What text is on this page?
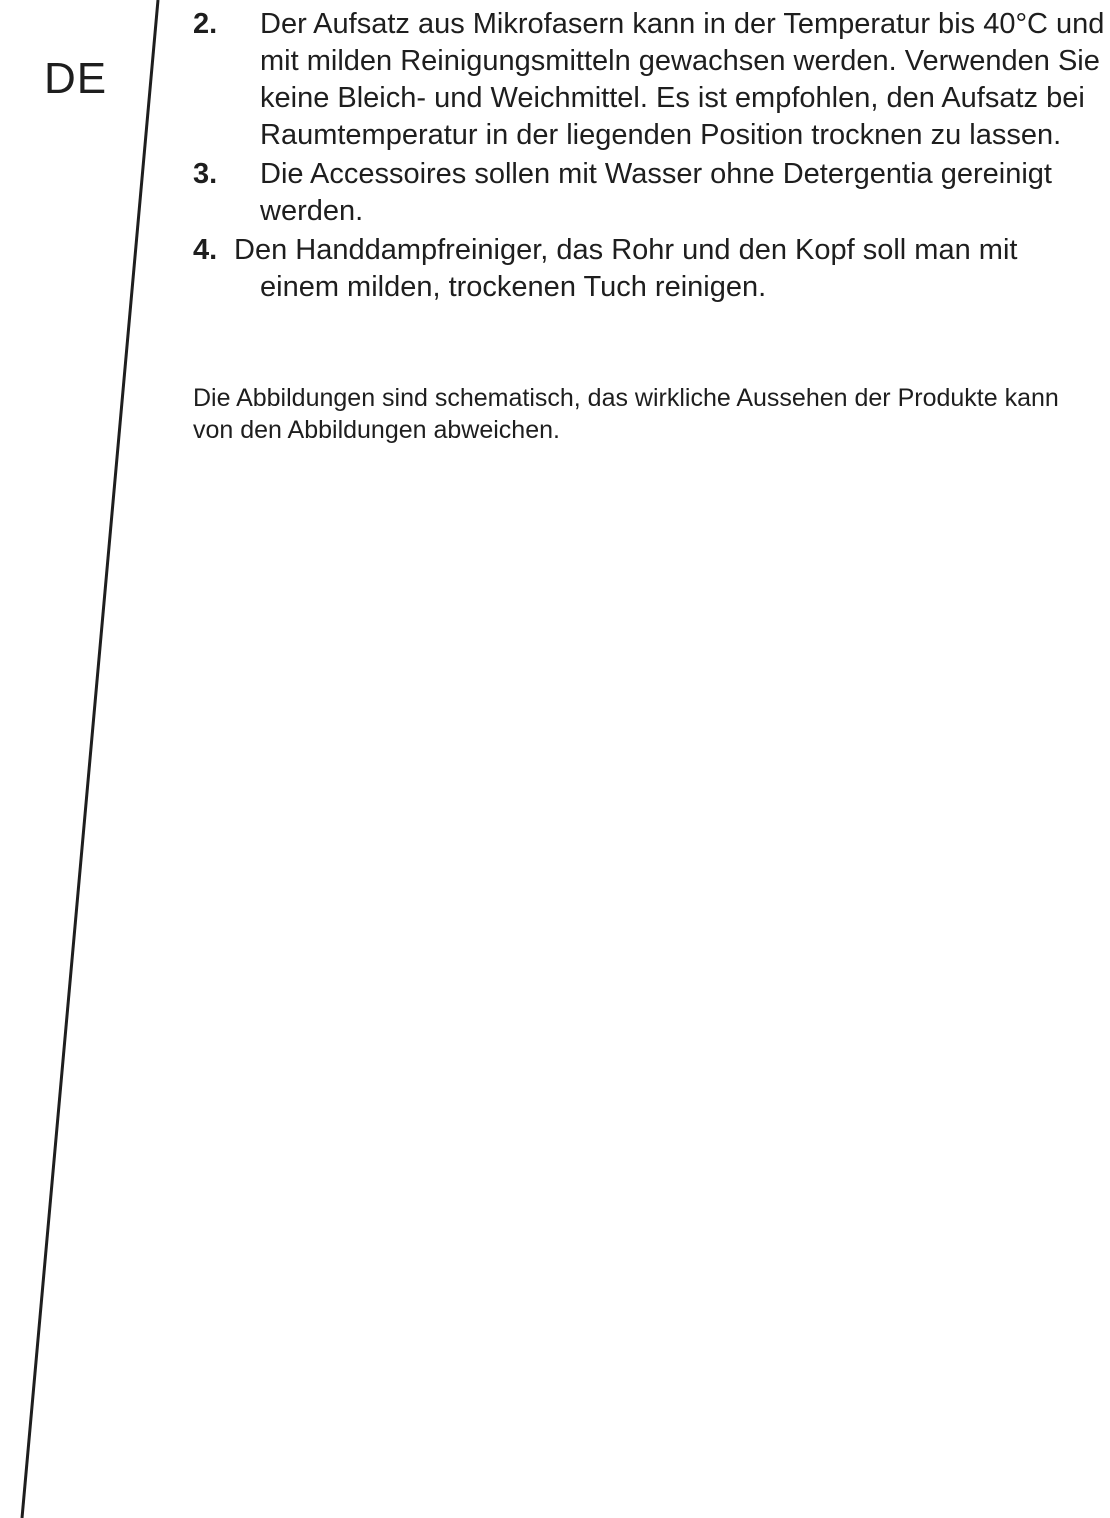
DE
2. Der Aufsatz aus Mikrofasern kann in der Temperatur bis 40°C und mit milden Reinigungsmitteln gewachsen werden. Verwenden Sie keine Bleich- und Weichmittel. Es ist empfohlen, den Aufsatz bei Raumtemperatur in der liegenden Position trocknen zu lassen.
3. Die Accessoires sollen mit Wasser ohne Detergentia gereinigt werden.
4. Den Handdampfreiniger, das Rohr und den Kopf soll man mit
einem milden, trockenen Tuch reinigen.

Die Abbildungen sind schematisch, das wirkliche Aussehen der Produkte kann von den Abbildungen abweichen.
